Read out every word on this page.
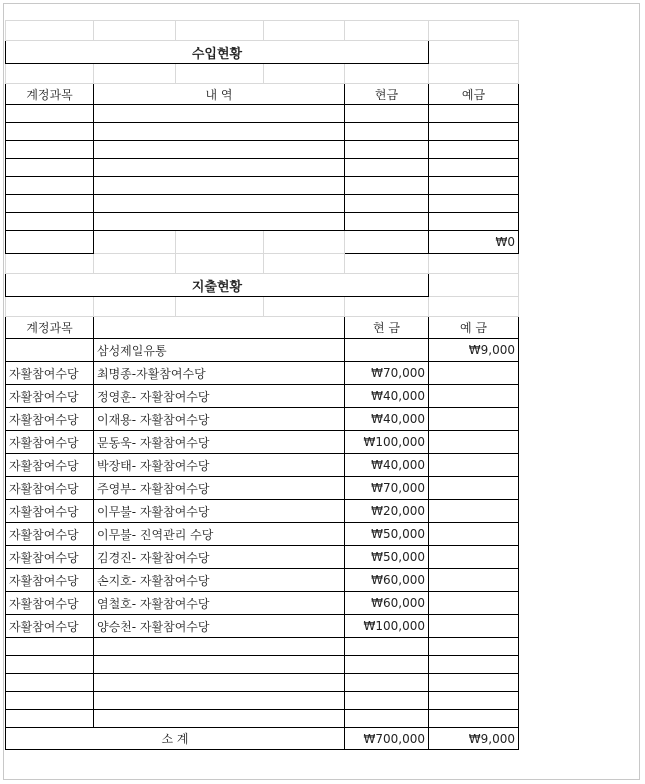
수입현황					

계정과목	내 역			현금	예금

					₩0

지출현황					

계정과목				현 금	예 금
	삼성제일유통				₩9,000
자활참여수당	최명종-자활참여수당			₩70,000	
자활참여수당	정영훈- 자활참여수당			₩40,000	
자활참여수당	이재용- 자활참여수당			₩40,000	
자활참여수당	문동욱- 자활참여수당			₩100,000	
자활참여수당	박장태- 자활참여수당			₩40,000	
자활참여수당	주영부- 자활참여수당			₩70,000	
자활참여수당	이무불- 자활참여수당			₩20,000	
자활참여수당	이무불- 진역관리 수당			₩50,000	
자활참여수당	김경진- 자활참여수당			₩50,000	
자활참여수당	손지호- 자활참여수당			₩60,000	
자활참여수당	염철호- 자활참여수당			₩60,000	
자활참여수당	양승천- 자활참여수당			₩100,000	

소 계				₩700,000	₩9,000
